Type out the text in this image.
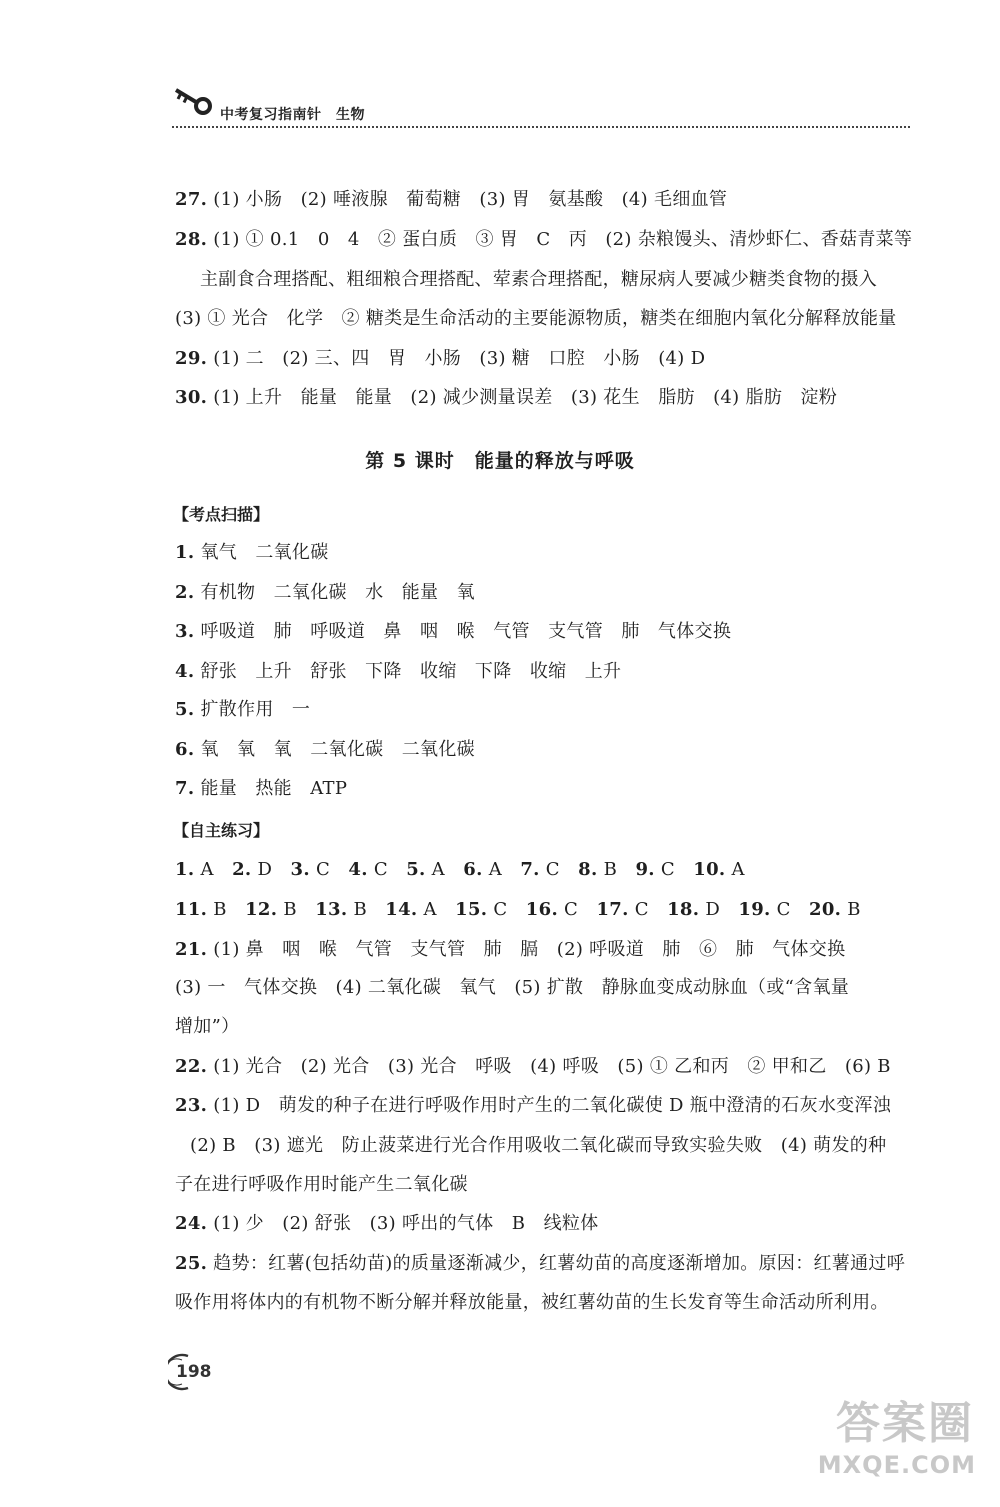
中考复习指南针　生物
27. (1) 小肠　(2) 唾液腺　葡萄糖　(3) 胃　氨基酸　(4) 毛细血管
28. (1) ① 0.1　0　4　② 蛋白质　③ 胃　C　丙　(2) 杂粮馒头、清炒虾仁、香菇青菜等
主副食合理搭配、粗细粮合理搭配、荤素合理搭配，糖尿病人要减少糖类食物的摄入
(3) ① 光合　化学　② 糖类是生命活动的主要能源物质，糖类在细胞内氧化分解释放能量
29. (1) 二　(2) 三、四　胃　小肠　(3) 糖　口腔　小肠　(4) D
30. (1) 上升　能量　能量　(2) 减少测量误差　(3) 花生　脂肪　(4) 脂肪　淀粉
第 5 课时　能量的释放与呼吸
【考点扫描】
1. 氧气　二氧化碳
2. 有机物　二氧化碳　水　能量　氧
3. 呼吸道　肺　呼吸道　鼻　咽　喉　气管　支气管　肺　气体交换
4. 舒张　上升　舒张　下降　收缩　下降　收缩　上升
5. 扩散作用　一
6. 氧　氧　氧　二氧化碳　二氧化碳
7. 能量　热能　ATP
【自主练习】
1. A　 2. D　 3. C　 4. C　 5. A　 6. A　 7. C　 8. B　 9. C　 10. A
11. B　 12. B　 13. B　 14. A　 15. C　 16. C　 17. C　 18. D　 19. C　 20. B
21. (1) 鼻　咽　喉　气管　支气管　肺　膈　(2) 呼吸道　肺　⑥　肺　气体交换
(3) 一　气体交换　(4) 二氧化碳　氧气　(5) 扩散　静脉血变成动脉血（或“含氧量
增加”）
22. (1) 光合　(2) 光合　(3) 光合　呼吸　(4) 呼吸　(5) ① 乙和丙　② 甲和乙　(6) B
23. (1) D　萌发的种子在进行呼吸作用时产生的二氧化碳使 D 瓶中澄清的石灰水变浑浊
(2) B　(3) 遮光　防止菠菜进行光合作用吸收二氧化碳而导致实验失败　(4) 萌发的种
子在进行呼吸作用时能产生二氧化碳
24. (1) 少　(2) 舒张　(3) 呼出的气体　B　线粒体
25. 趋势：红薯(包括幼苗)的质量逐渐减少，红薯幼苗的高度逐渐增加。原因：红薯通过呼
吸作用将体内的有机物不断分解并释放能量，被红薯幼苗的生长发育等生命活动所利用。
198
答案圈
MXQE.COM
